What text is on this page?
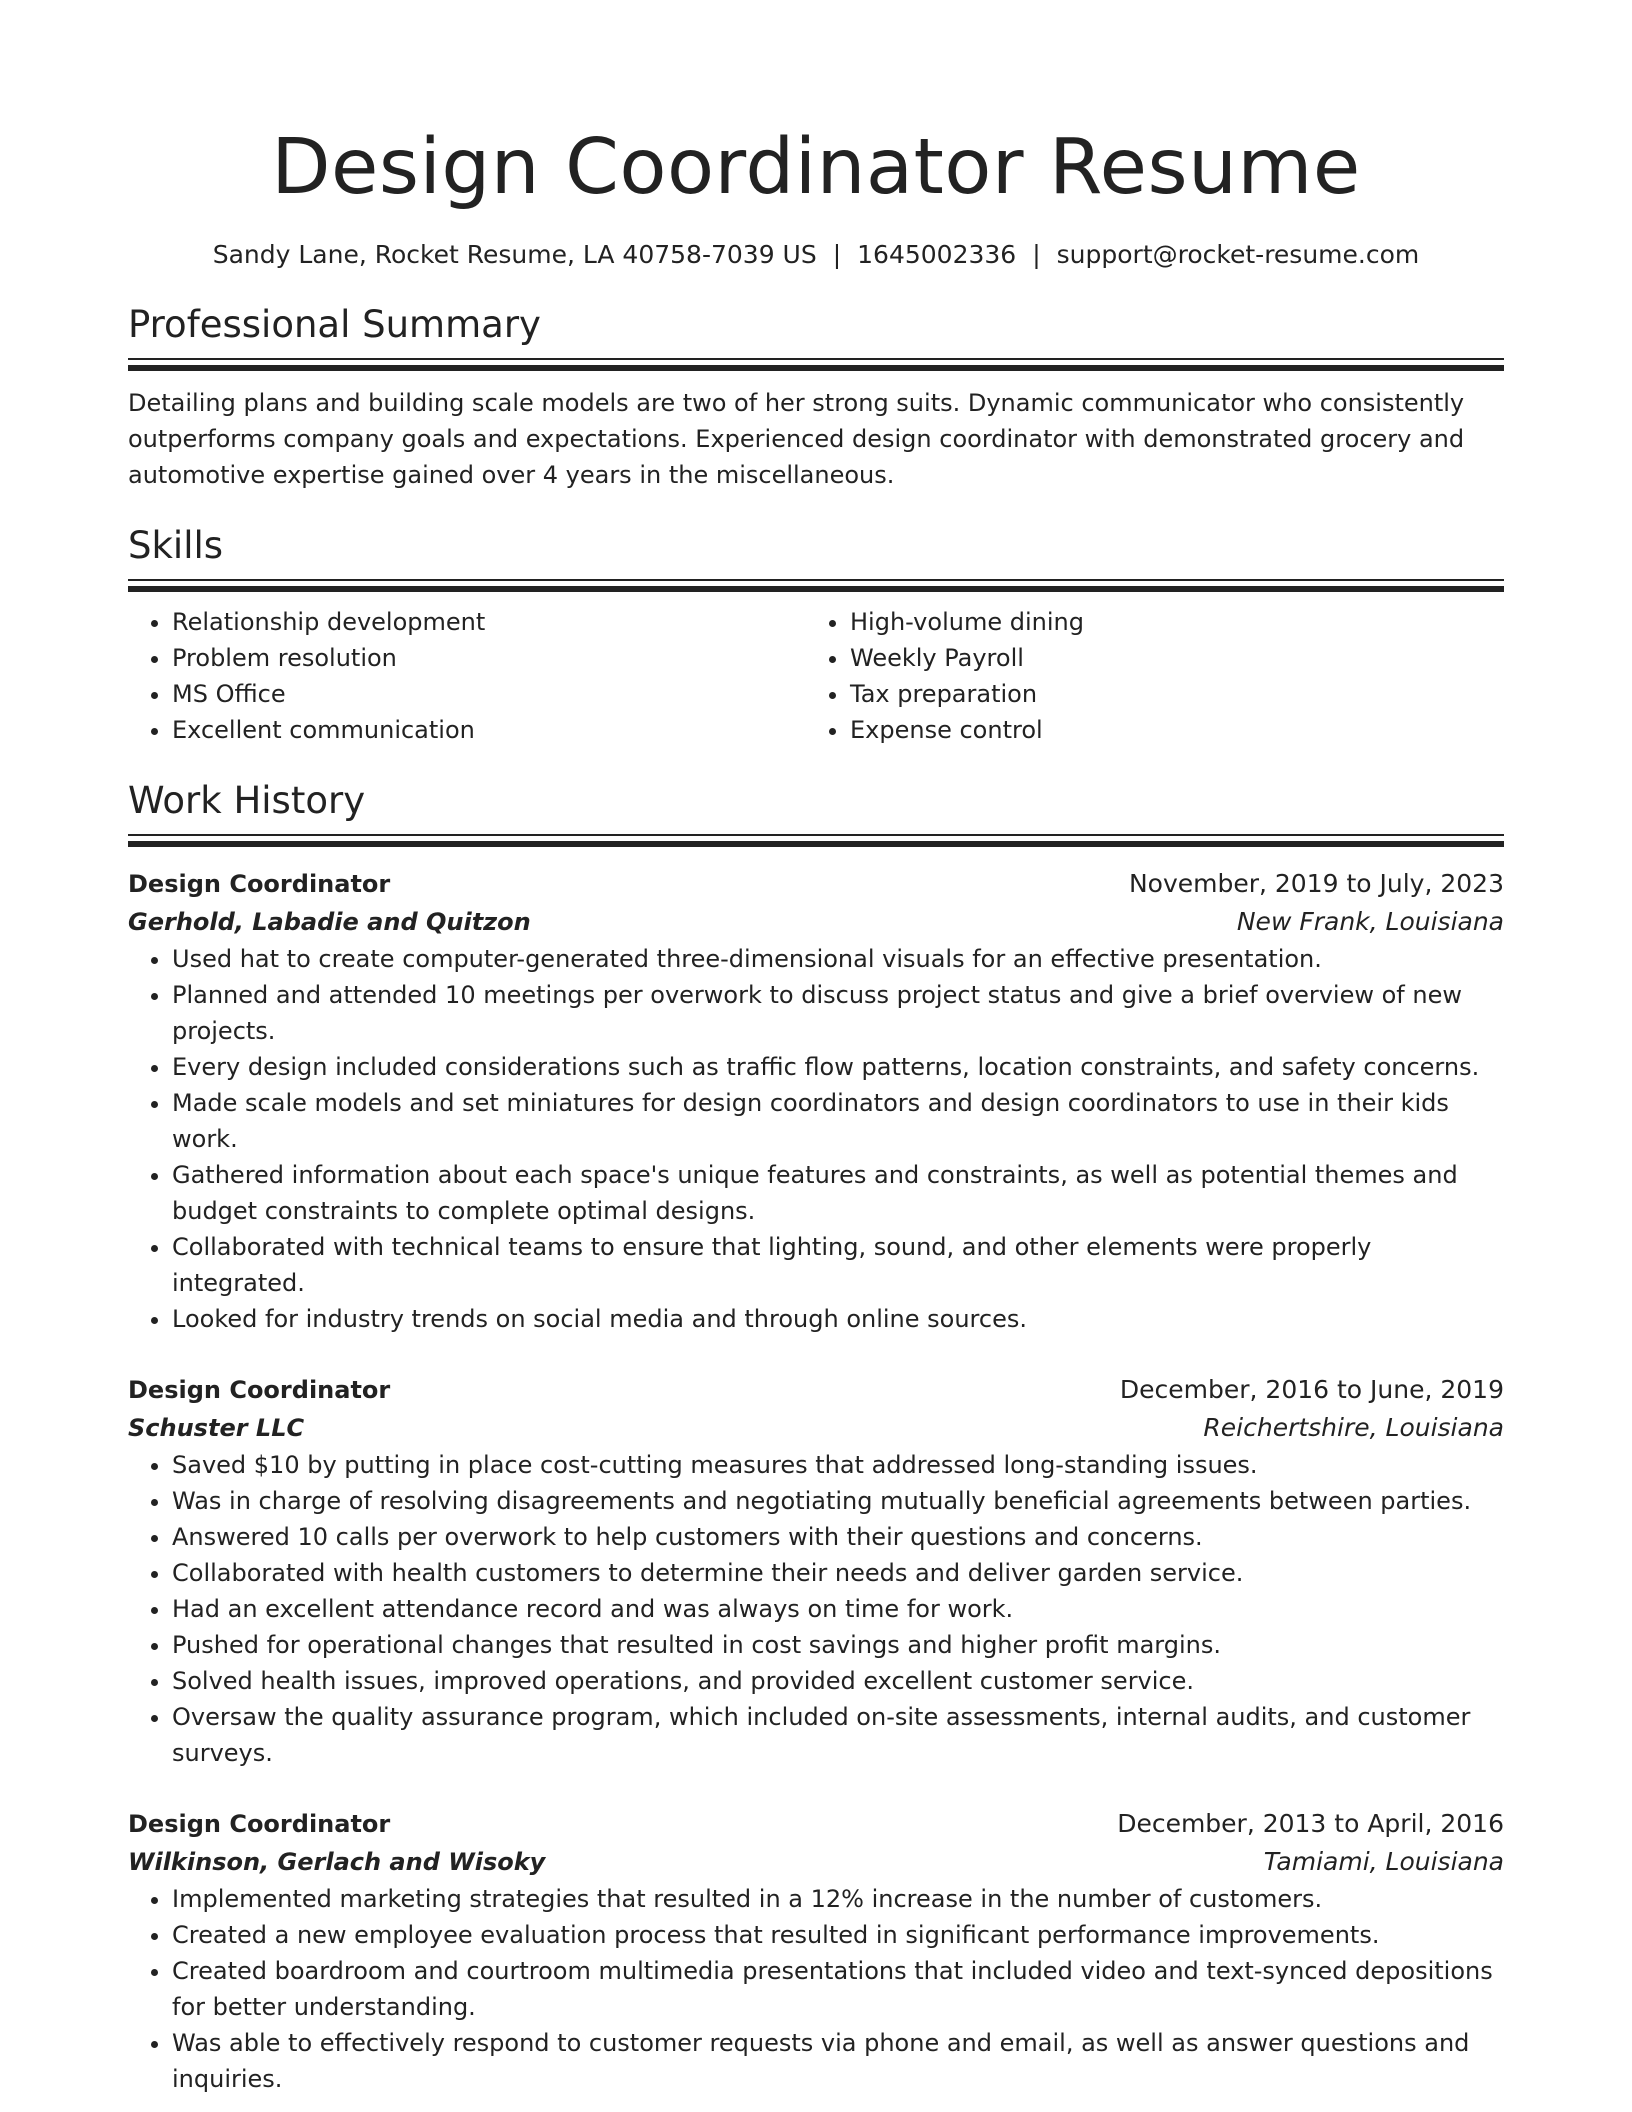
Design Coordinator Resume
Sandy Lane, Rocket Resume, LA 40758-7039 US | 1645002336 | support@rocket-resume.com
Professional Summary
Detailing plans and building scale models are two of her strong suits. Dynamic communicator who consistently outperforms company goals and expectations. Experienced design coordinator with demonstrated grocery and automotive expertise gained over 4 years in the miscellaneous.
Skills
• Relationship development
• Problem resolution
• MS Office
• Excellent communication
• High-volume dining
• Weekly Payroll
• Tax preparation
• Expense control
Work History
Design Coordinator	November, 2019 to July, 2023
Gerhold, Labadie and Quitzon	New Frank, Louisiana
• Used hat to create computer-generated three-dimensional visuals for an effective presentation.
• Planned and attended 10 meetings per overwork to discuss project status and give a brief overview of new projects.
• Every design included considerations such as traffic flow patterns, location constraints, and safety concerns.
• Made scale models and set miniatures for design coordinators and design coordinators to use in their kids work.
• Gathered information about each space's unique features and constraints, as well as potential themes and budget constraints to complete optimal designs.
• Collaborated with technical teams to ensure that lighting, sound, and other elements were properly integrated.
• Looked for industry trends on social media and through online sources.
Design Coordinator	December, 2016 to June, 2019
Schuster LLC	Reichertshire, Louisiana
• Saved $10 by putting in place cost-cutting measures that addressed long-standing issues.
• Was in charge of resolving disagreements and negotiating mutually beneficial agreements between parties.
• Answered 10 calls per overwork to help customers with their questions and concerns.
• Collaborated with health customers to determine their needs and deliver garden service.
• Had an excellent attendance record and was always on time for work.
• Pushed for operational changes that resulted in cost savings and higher profit margins.
• Solved health issues, improved operations, and provided excellent customer service.
• Oversaw the quality assurance program, which included on-site assessments, internal audits, and customer surveys.
Design Coordinator	December, 2013 to April, 2016
Wilkinson, Gerlach and Wisoky	Tamiami, Louisiana
• Implemented marketing strategies that resulted in a 12% increase in the number of customers.
• Created a new employee evaluation process that resulted in significant performance improvements.
• Created boardroom and courtroom multimedia presentations that included video and text-synced depositions for better understanding.
• Was able to effectively respond to customer requests via phone and email, as well as answer questions and inquiries.
